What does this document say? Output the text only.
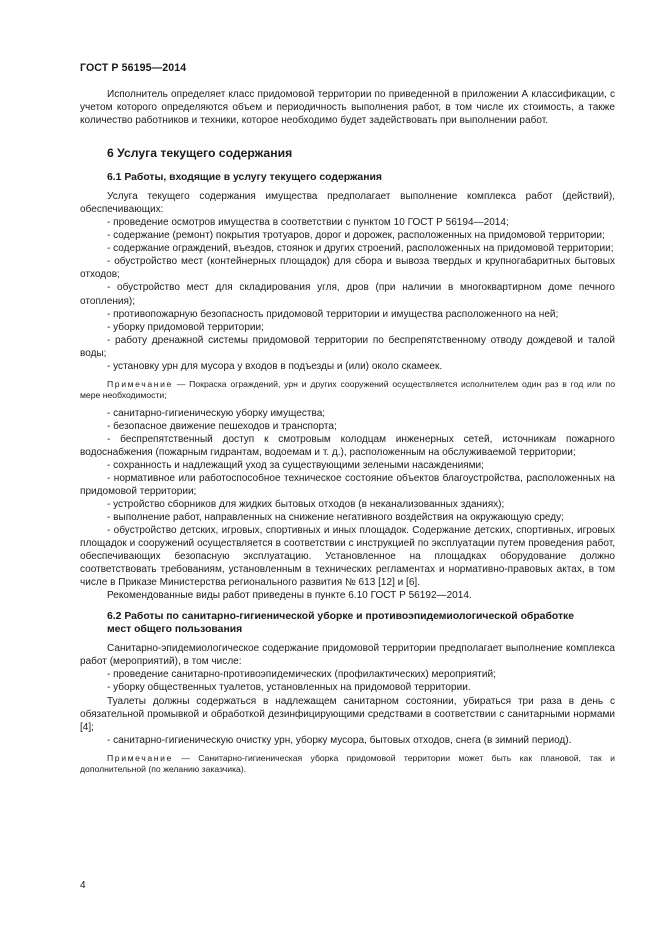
ГОСТ Р 56195—2014

Исполнитель определяет класс придомовой территории по приведенной в приложении А классификации, с учетом которого определяются объем и периодичность выполнения работ, в том числе их стоимость, а также количество работников и техники, которое необходимо будет задействовать при выполнении работ.

6 Услуга текущего содержания
6.1 Работы, входящие в услугу текущего содержания

Услуга текущего содержания имущества предполагает выполнение комплекса работ (действий), обеспечивающих:

- проведение осмотров имущества в соответствии с пунктом 10 ГОСТ Р 56194—2014;

- содержание (ремонт) покрытия тротуаров, дорог и дорожек, расположенных на придомовой территории;

- содержание ограждений, въездов, стоянок и других строений, расположенных на придомовой территории;

- обустройство мест (контейнерных площадок) для сбора и вывоза твердых и крупногабаритных бытовых отходов;

- обустройство мест для складирования угля, дров (при наличии в многоквартирном доме печного отопления);

- противопожарную безопасность придомовой территории и имущества расположенного на ней;

- уборку придомовой территории;

- работу дренажной системы придомовой территории по беспрепятственному отводу дождевой и талой воды;

- установку урн для мусора у входов в подъезды и (или) около скамеек.

Примечание — Покраска ограждений, урн и других сооружений осуществляется исполнителем один раз в год или по мере необходимости;

- санитарно-гигиеническую уборку имущества;

- безопасное движение пешеходов и транспорта;

- беспрепятственный доступ к смотровым колодцам инженерных сетей, источникам пожарного водоснабжения (пожарным гидрантам, водоемам и т. д.), расположенным на обслуживаемой территории;

- сохранность и надлежащий уход за существующими зелеными насаждениями;

- нормативное или работоспособное техническое состояние объектов благоустройства, расположенных на придомовой территории;

- устройство сборников для жидких бытовых отходов (в неканализованных зданиях);

- выполнение работ, направленных на снижение негативного воздействия на окружающую среду;

- обустройство детских, игровых, спортивных и иных площадок. Содержание детских, спортивных, игровых площадок и сооружений осуществляется в соответствии с инструкцией по эксплуатации путем проведения работ, обеспечивающих безопасную эксплуатацию. Установленное на площадках оборудование должно соответствовать требованиям, установленным в технических регламентах и нормативно-правовых актах, в том числе в Приказе Министерства регионального развития № 613 [12] и [6].

Рекомендованные виды работ приведены в пункте 6.10 ГОСТ Р 56192—2014.

6.2 Работы по санитарно-гигиенической уборке и противоэпидемиологической обработке мест общего пользования

Санитарно-эпидемиологическое содержание придомовой территории предполагает выполнение комплекса работ (мероприятий), в том числе:

- проведение санитарно-противоэпидемических (профилактических) мероприятий;

- уборку общественных туалетов, установленных на придомовой территории.

Туалеты должны содержаться в надлежащем санитарном состоянии, убираться три раза в день с обязательной промывкой и обработкой дезинфицирующими средствами в соответствии с санитарными нормами [4];

- санитарно-гигиеническую очистку урн, уборку мусора, бытовых отходов, снега (в зимний период).

Примечание — Санитарно-гигиеническая уборка придомовой территории может быть как плановой, так и дополнительной (по желанию заказчика).

4
